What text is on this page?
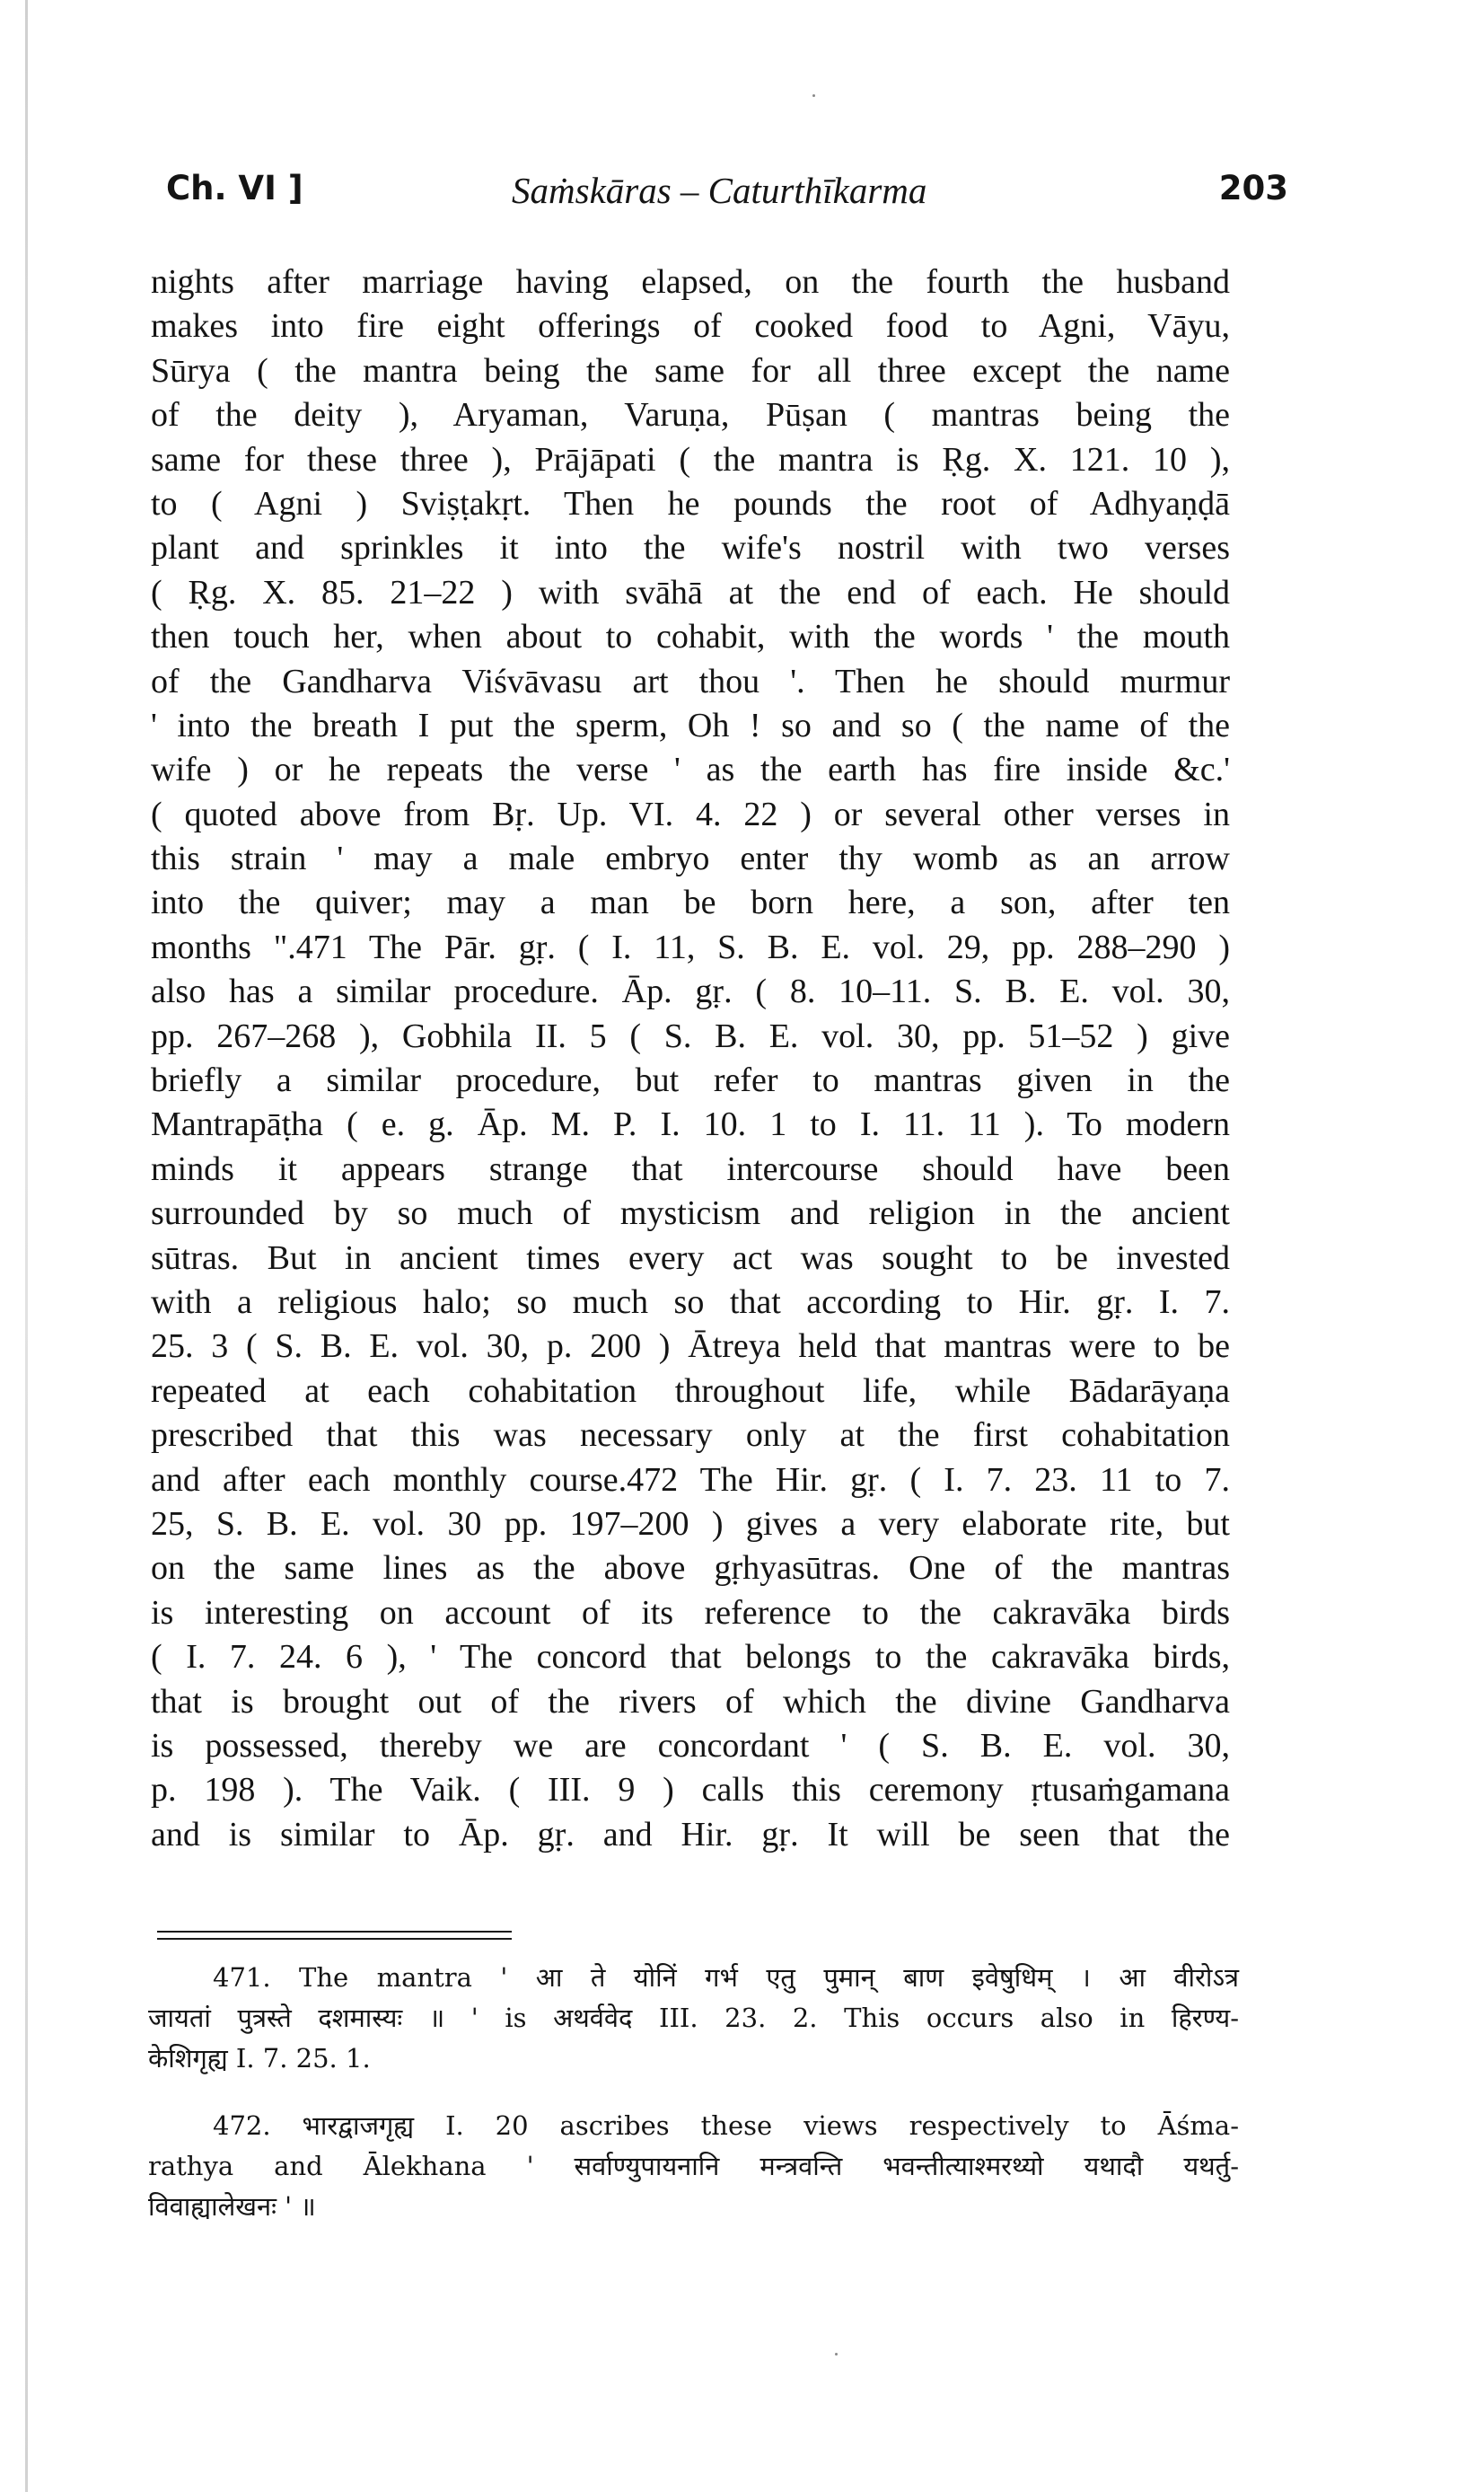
Ch. VI ]	Saṁskāras – Caturthīkarma	203
nights after marriage having elapsed, on the fourth the husband
makes into fire eight offerings of cooked food to Agni, Vāyu,
Sūrya ( the mantra being the same for all three except the name
of the deity ), Aryaman, Varuṇa, Pūṣan ( mantras being the
same for these three ), Prājāpati ( the mantra is Ṛg. X. 121. 10 ),
to ( Agni ) Sviṣṭakṛt. Then he pounds the root of Adhyaṇḍā
plant and sprinkles it into the wife's nostril with two verses
( Ṛg. X. 85. 21–22 ) with svāhā at the end of each. He should
then touch her, when about to cohabit, with the words ' the mouth
of the Gandharva Viśvāvasu art thou '. Then he should murmur
' into the breath I put the sperm, Oh ! so and so ( the name of the
wife ) or he repeats the verse ' as the earth has fire inside &c.'
( quoted above from Bṛ. Up. VI. 4. 22 ) or several other verses in
this strain ' may a male embryo enter thy womb as an arrow
into the quiver; may a man be born here, a son, after ten
months ".471 The Pār. gṛ. ( I. 11, S. B. E. vol. 29, pp. 288–290 )
also has a similar procedure. Āp. gṛ. ( 8. 10–11. S. B. E. vol. 30,
pp. 267–268 ), Gobhila II. 5 ( S. B. E. vol. 30, pp. 51–52 ) give
briefly a similar procedure, but refer to mantras given in the
Mantrapāṭha ( e. g. Āp. M. P. I. 10. 1 to I. 11. 11 ). To modern
minds it appears strange that intercourse should have been
surrounded by so much of mysticism and religion in the ancient
sūtras. But in ancient times every act was sought to be invested
with a religious halo; so much so that according to Hir. gṛ. I. 7.
25. 3 ( S. B. E. vol. 30, p. 200 ) Ātreya held that mantras were to be
repeated at each cohabitation throughout life, while Bādarāyaṇa
prescribed that this was necessary only at the first cohabitation
and after each monthly course.472 The Hir. gṛ. ( I. 7. 23. 11 to 7.
25, S. B. E. vol. 30 pp. 197–200 ) gives a very elaborate rite, but
on the same lines as the above gṛhyasūtras. One of the mantras
is interesting on account of its reference to the cakravāka birds
( I. 7. 24. 6 ), ' The concord that belongs to the cakravāka birds,
that is brought out of the rivers of which the divine Gandharva
is possessed, thereby we are concordant ' ( S. B. E. vol. 30,
p. 198 ). The Vaik. ( III. 9 ) calls this ceremony ṛtusaṁgamana
and is similar to Āp. gṛ. and Hir. gṛ. It will be seen that the
471. The mantra ' आ ते योनिं गर्भ एतु पुमान् बाण इवेषुधिम् । आ वीरोऽत्र
जायतां पुत्रस्ते दशमास्यः ॥ ' is अथर्ववेद III. 23. 2. This occurs also in हिरण्य-
केशिगृह्य I. 7. 25. 1.
472. भारद्वाजगृह्य I. 20 ascribes these views respectively to Āśma-
rathya and Ālekhana ' सर्वाण्युपायनानि मन्त्रवन्ति भवन्तीत्याश्मरथ्यो यथादौ यथर्तु-
विवाह्यालेखनः ' ॥
